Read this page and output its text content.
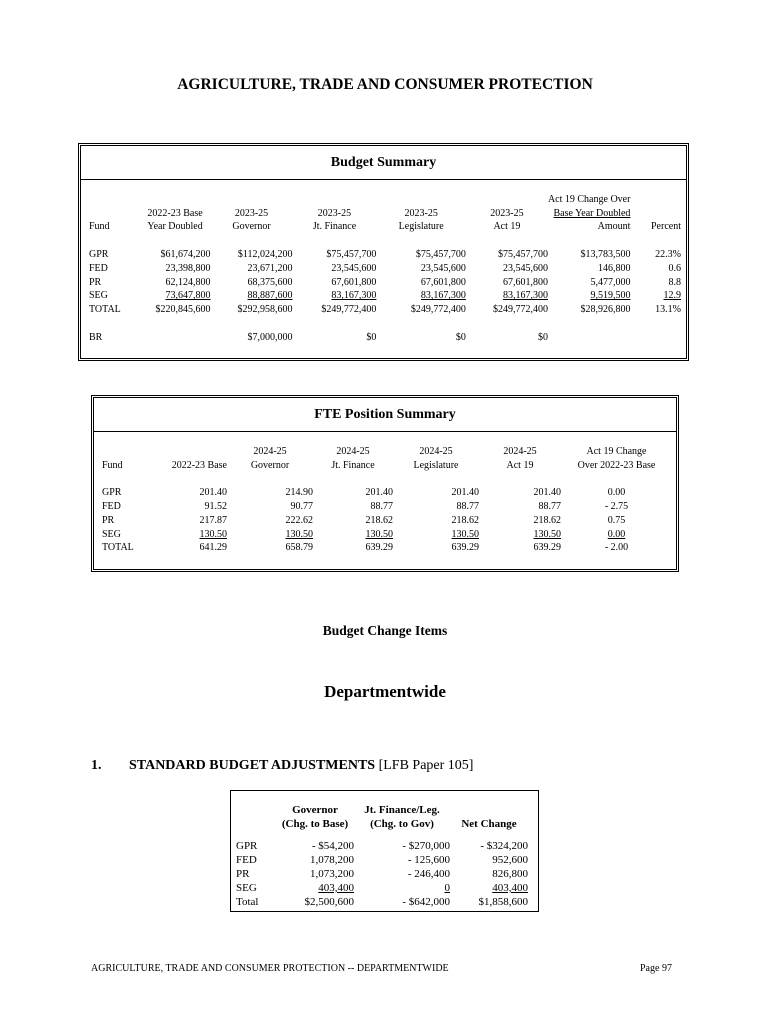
AGRICULTURE, TRADE AND CONSUMER PROTECTION
Budget Summary
						Act 19 Change Over	
	2022-23 Base	2023-25	2023-25	2023-25	2023-25	Base Year Doubled	
Fund	Year Doubled	Governor	Jt. Finance	Legislature	Act 19	Amount	Percent

GPR	$61,674,200	$112,024,200	$75,457,700	$75,457,700	$75,457,700	$13,783,500	22.3%
FED	23,398,800	23,671,200	23,545,600	23,545,600	23,545,600	146,800	0.6
PR	62,124,800	68,375,600	67,601,800	67,601,800	67,601,800	5,477,000	8.8
SEG	73,647,800	88,887,600	83,167,300	83,167,300	83,167,300	9,519,500	12.9
TOTAL	$220,845,600	$292,958,600	$249,772,400	$249,772,400	$249,772,400	$28,926,800	13.1%

BR		$7,000,000	$0	$0	$0		
FTE Position Summary
		2024-25	2024-25	2024-25	2024-25	Act 19 Change
Fund	2022-23 Base	Governor	Jt. Finance	Legislature	Act 19	Over 2022-23 Base

GPR	201.40	214.90	201.40	201.40	201.40	0.00
FED	91.52	90.77	88.77	88.77	88.77	- 2.75
PR	217.87	222.62	218.62	218.62	218.62	0.75
SEG	130.50	130.50	130.50	130.50	130.50	0.00
TOTAL	641.29	658.79	639.29	639.29	639.29	- 2.00
Budget Change Items
Departmentwide
1. STANDARD BUDGET ADJUSTMENTS [LFB Paper 105]
	Governor	Jt. Finance/Leg.	
	(Chg. to Base)	(Chg. to Gov)	Net Change

GPR	- $54,200	- $270,000	- $324,200
FED	1,078,200	- 125,600	952,600
PR	1,073,200	- 246,400	826,800
SEG	403,400	0	403,400
Total	$2,500,600	- $642,000	$1,858,600
AGRICULTURE, TRADE AND CONSUMER PROTECTION -- DEPARTMENTWIDE	Page 97
